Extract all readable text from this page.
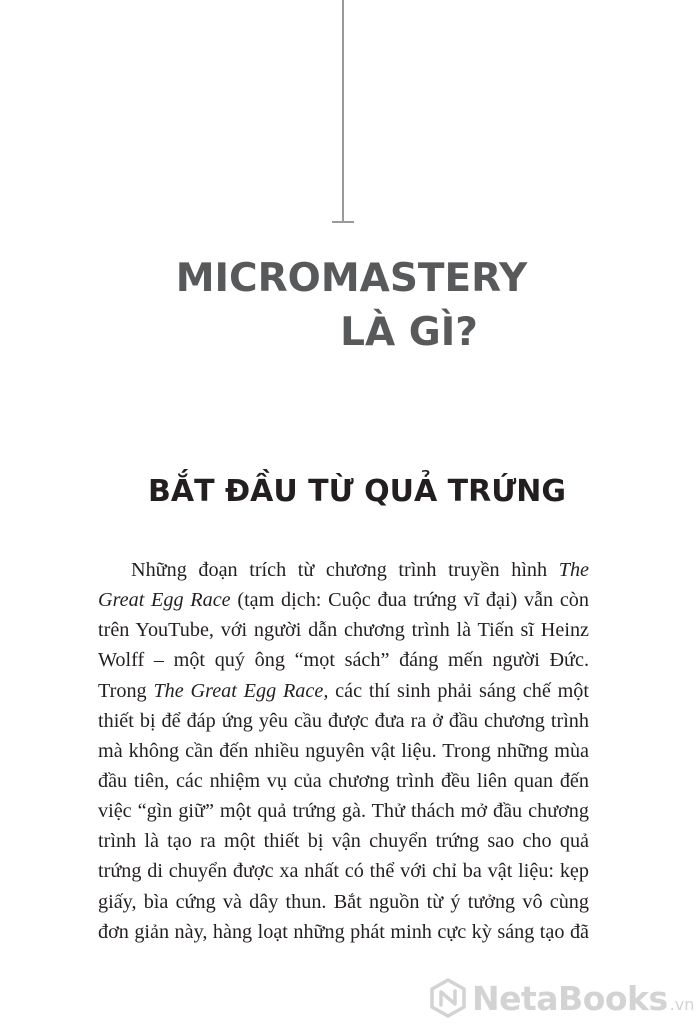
MICROMASTERY
LÀ GÌ?
BẮT ĐẦU TỪ QUẢ TRỨNG
Những đoạn trích từ chương trình truyền hình The
Great Egg Race (tạm dịch: Cuộc đua trứng vĩ đại) vẫn còn
trên YouTube, với người dẫn chương trình là Tiến sĩ Heinz
Wolff – một quý ông “mọt sách” đáng mến người Đức.
Trong The Great Egg Race, các thí sinh phải sáng chế một
thiết bị để đáp ứng yêu cầu được đưa ra ở đầu chương trình
mà không cần đến nhiều nguyên vật liệu. Trong những mùa
đầu tiên, các nhiệm vụ của chương trình đều liên quan đến
việc “gìn giữ” một quả trứng gà. Thử thách mở đầu chương
trình là tạo ra một thiết bị vận chuyển trứng sao cho quả
trứng di chuyển được xa nhất có thể với chỉ ba vật liệu: kẹp
giấy, bìa cứng và dây thun. Bắt nguồn từ ý tưởng vô cùng
đơn giản này, hàng loạt những phát minh cực kỳ sáng tạo đã
NetaBooks .vn
